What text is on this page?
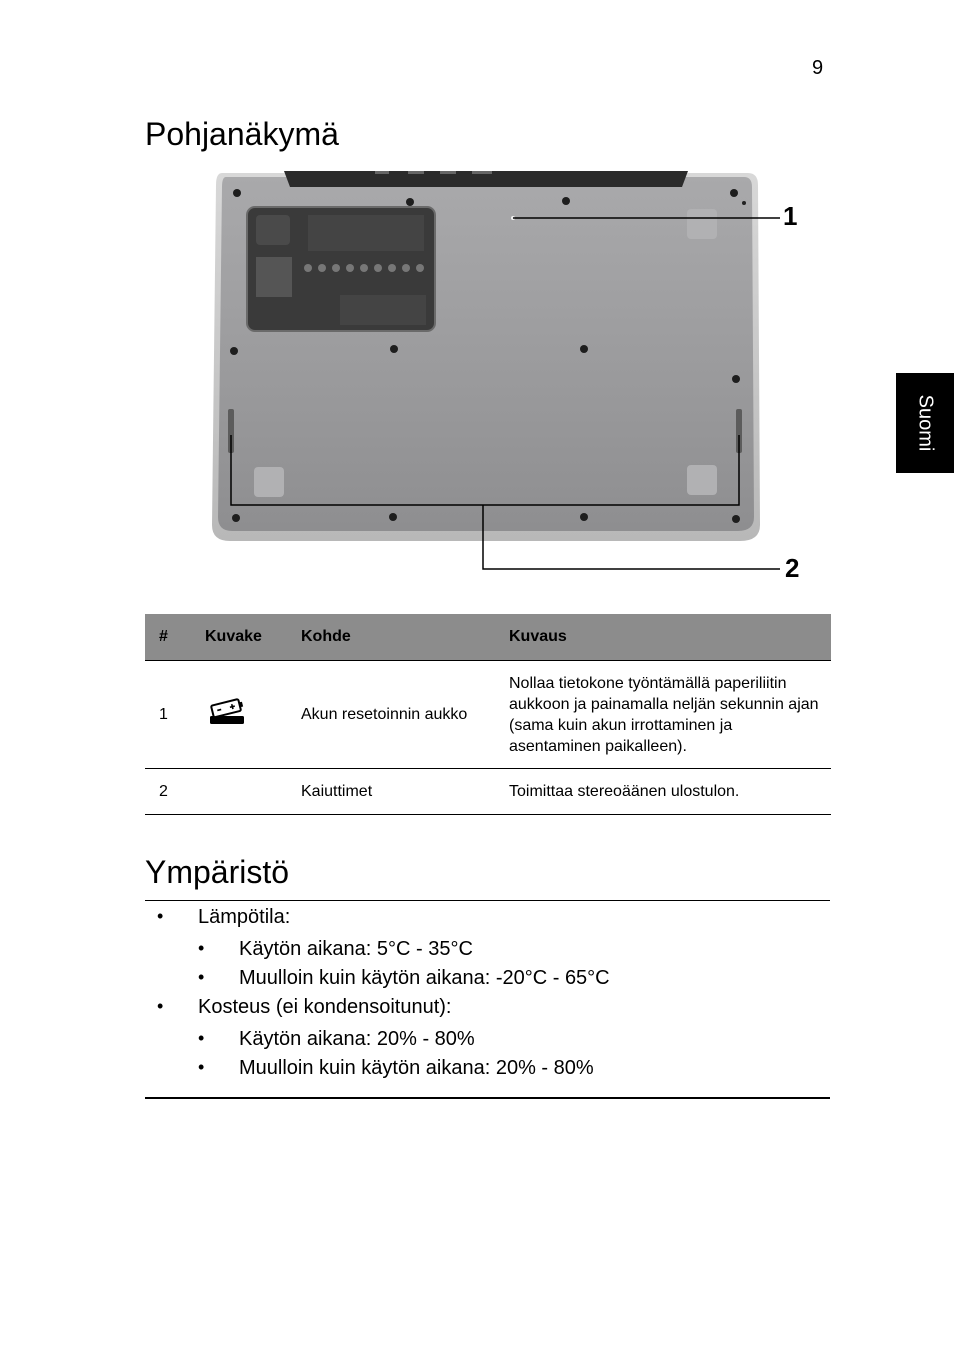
9
Suomi
Pohjanäkymä
1
2
#	Kuvake	Kohde	Kuvaus
1		Akun resetoinnin aukko	Nollaa tietokone työntämällä paperiliitin aukkoon ja painamalla neljän sekunnin ajan (sama kuin akun irrottaminen ja asentaminen paikalleen).
2		Kaiuttimet	Toimittaa stereoäänen ulostulon.
Ympäristö
• Lämpötila:
• Käytön aikana: 5°C - 35°C
• Muulloin kuin käytön aikana: -20°C - 65°C
• Kosteus (ei kondensoitunut):
• Käytön aikana: 20% - 80%
• Muulloin kuin käytön aikana: 20% - 80%
